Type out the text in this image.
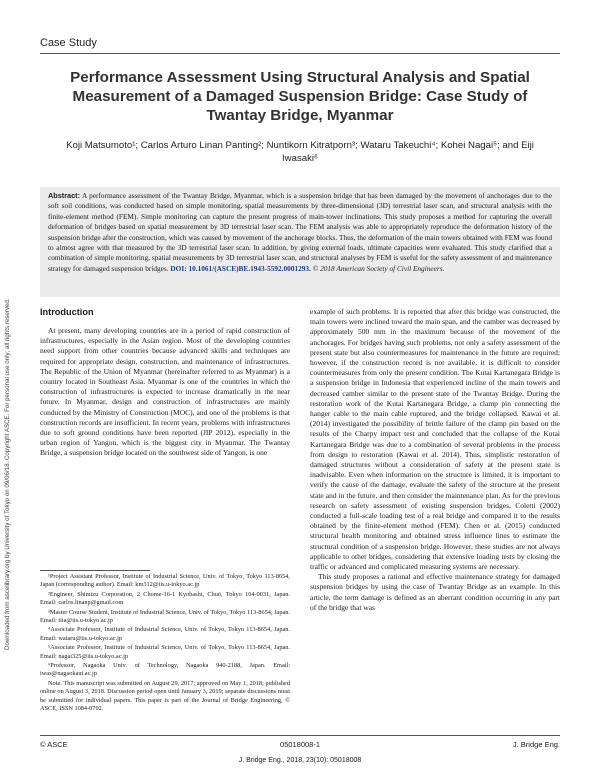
Downloaded from ascelibrary.org by University of Tokyo on 09/06/18. Copyright ASCE. For personal use only; all rights reserved.
Case Study
Performance Assessment Using Structural Analysis and Spatial Measurement of a Damaged Suspension Bridge: Case Study of Twantay Bridge, Myanmar
Koji Matsumoto¹; Carlos Arturo Linan Panting²; Nuntikorn Kitratporn³; Wataru Takeuchi⁴; Kohei Nagai⁵; and Eiji Iwasaki⁶

Abstract: A performance assessment of the Twantay Bridge, Myanmar, which is a suspension bridge that has been damaged by the movement of anchorages due to the soft soil conditions, was conducted based on simple monitoring, spatial measurements by three-dimensional (3D) terrestrial laser scan, and structural analysis with the finite-element method (FEM). Simple monitoring can capture the present progress of main-tower inclinations. This study proposes a method for capturing the overall deformation of bridges based on spatial measurement by 3D terrestrial laser scan. The FEM analysis was able to appropriately reproduce the deformation history of the suspension bridge after the construction, which was caused by movement of the anchorage blocks. Thus, the deformation of the main towers obtained with FEM was found to almost agree with that measured by the 3D terrestrial laser scan. In addition, by giving external loads, ultimate capacities were evaluated. This study clarified that a combination of simple monitoring, spatial measurements by 3D terrestrial laser scan, and structural analyses by FEM is useful for the safety assessment of and maintenance strategy for damaged suspension bridges. DOI: 10.1061/(ASCE)BE.1943-5592.0001293. © 2018 American Society of Civil Engineers.

Introduction

At present, many developing countries are in a period of rapid construction of infrastructures, especially in the Asian region. Most of the developing countries need support from other countries because advanced skills and techniques are required for appropriate design, construction, and maintenance of infrastructures. The Republic of the Union of Myanmar (hereinafter referred to as Myanmar) is a country located in Southeast Asia. Myanmar is one of the countries in which the construction of infrastructures is expected to increase dramatically in the near future. In Myanmar, design and construction of infrastructures are mainly conducted by the Ministry of Construction (MOC), and one of the problems is that construction records are insufficient. In recent years, problems with infrastructures due to soft ground conditions have been reported (JIP 2012), especially in the urban region of Yangon, which is the biggest city in Myanmar. The Twantay Bridge, a suspension bridge located on the southwest side of Yangon, is one

¹Project Assistant Professor, Institute of Industrial Science, Univ. of Tokyo, Tokyo 113-8654, Japan (corresponding author). Email: km312@iis.u-tokyo.ac.jp

²Engineer, Shimizu Corporation, 2 Chome-16-1 Kyobashi, Chuō, Tokyo 104-0031, Japan. Email: carlos.linanp@gmail.com

³Master Course Student, Institute of Industrial Science, Univ. of Tokyo, Tokyo 113-8654, Japan. Email: tiia@iis.u-tokyo.ac.jp

⁴Associate Professor, Institute of Industrial Science, Univ. of Tokyo, Tokyo 113-8654, Japan. Email: wataru@iis.u-tokyo.ac.jp

⁵Associate Professor, Institute of Industrial Science, Univ. of Tokyo, Tokyo 113-8654, Japan. Email: nagai325@iis.u-tokyo.ac.jp

⁶Professor, Nagaoka Univ. of Technology, Nagaoka 940-2188, Japan. Email: iwas@nagaokaut.ac.jp

Note. This manuscript was submitted on August 29, 2017; approved on May 1, 2018; published online on August 3, 2018. Discussion period open until January 3, 2019; separate discussions must be submitted for individual papers. This paper is part of the Journal of Bridge Engineering, © ASCE, ISSN 1084-0702.

example of such problems. It is reported that after this bridge was constructed, the main towers were inclined toward the main span, and the camber was decreased by approximately 500 mm in the maximum because of the movement of the anchorages. For bridges having such problems, not only a safety assessment of the present state but also countermeasures for maintenance in the future are required; however, if the construction record is not available, it is difficult to consider countermeasures from only the present condition. The Kutai Kartanegara Bridge is a suspension bridge in Indonesia that experienced incline of the main towers and decreased camber similar to the present state of the Twantay Bridge. During the restoration work of the Kutai Kartanegara Bridge, a clamp pin connecting the hanger cable to the main cable ruptured, and the bridge collapsed. Kawai et al. (2014) investigated the possibility of brittle failure of the clamp pin based on the results of the Charpy impact test and concluded that the collapse of the Kutai Kartanegara Bridge was due to a combination of several problems in the process from design to restoration (Kawai et al. 2014). Thus, simplistic restoration of damaged structures without a consideration of safety at the present state is inadvisable. Even when information on the structure is limited, it is important to verify the cause of the damage, evaluate the safety of the structure at the present state and in the future, and then consider the maintenance plan. As for the previous research on safety assessment of existing suspension bridges, Coletti (2002) conducted a full-scale loading test of a real bridge and compared it to the results obtained by the finite-element method (FEM). Chen et al. (2015) conducted structural health monitoring and obtained stress influence lines to estimate the structural condition of a suspension bridge. However, these studies are not always applicable to other bridges, considering that extensive loading tests by closing the traffic or advanced and complicated measuring systems are necessary.

This study proposes a rational and effective maintenance strategy for damaged suspension bridges by using the case of Twantay Bridge as an example. In this article, the term damage is defined as an aberrant condition occurring in any part of the bridge that was

© ASCE	05018008-1	J. Bridge Eng.
J. Bridge Eng., 2018, 23(10): 05018008
